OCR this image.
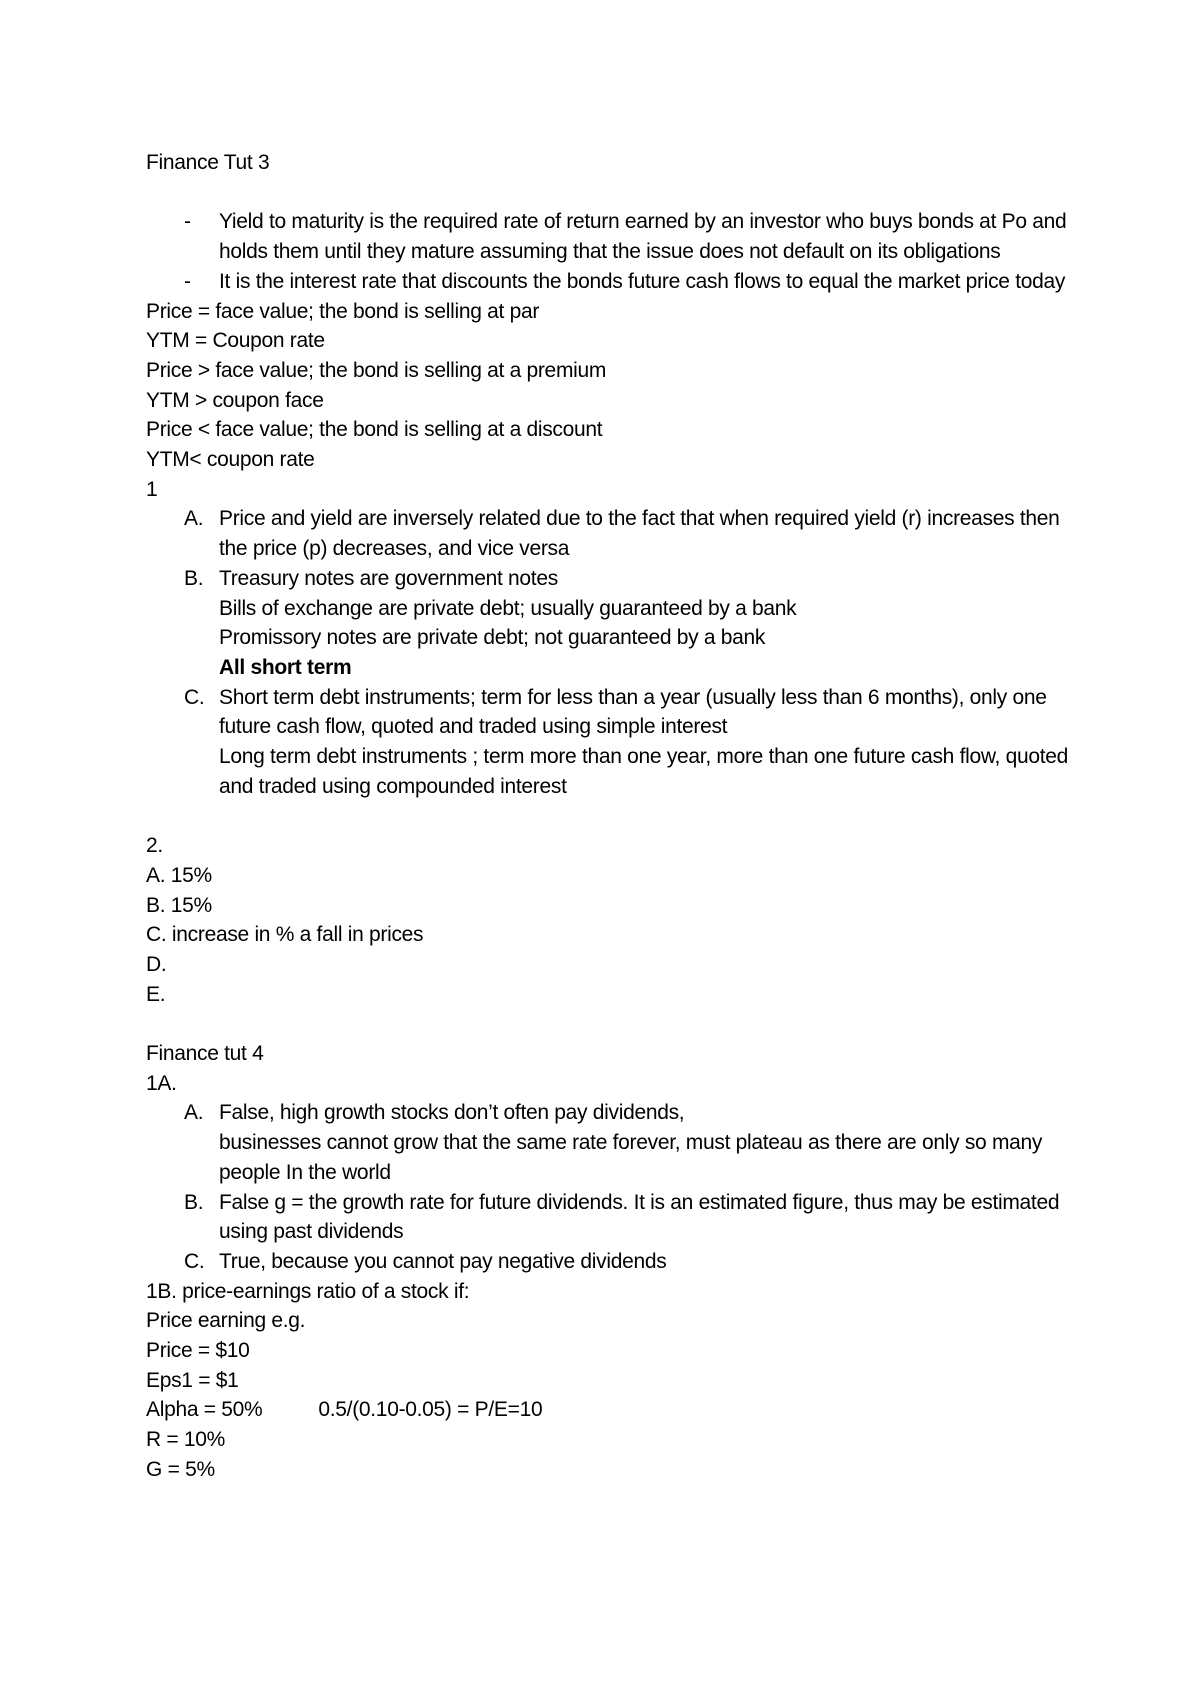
Finance Tut 3

-	Yield to maturity is the required rate of return earned by an investor who buys bonds at Po and holds them until they mature assuming that the issue does not default on its obligations

-	It is the interest rate that discounts the bonds future cash flows to equal the market price today

Price = face value; the bond is selling at par

YTM = Coupon rate

Price > face value; the bond is selling at a premium

YTM > coupon face

Price < face value; the bond is selling at a discount

YTM< coupon rate

1

A. Price and yield are inversely related due to the fact that when required yield (r) increases then the price (p) decreases, and vice versa

B. Treasury notes are government notes

Bills of exchange are private debt; usually guaranteed by a bank

Promissory notes are private debt; not guaranteed by a bank

All short term

C. Short term debt instruments; term for less than a year (usually less than 6 months), only one future cash flow, quoted and traded using simple interest

Long term debt instruments ; term more than one year, more than one future cash flow, quoted and traded using compounded interest

2.

A. 15%

B. 15%

C. increase in % a fall in prices

D.

E.

Finance tut 4

1A.

A. False, high growth stocks don’t often pay dividends,

businesses cannot grow that the same rate forever, must plateau as there are only so many people In the world

B. False g = the growth rate for future dividends. It is an estimated figure, thus may be estimated using past dividends

C. True, because you cannot pay negative dividends

1B. price-earnings ratio of a stock if:

Price earning e.g.

Price = $10

Eps1 = $1

Alpha = 50%	0.5/(0.10-0.05) = P/E=10

R = 10%

G = 5%
